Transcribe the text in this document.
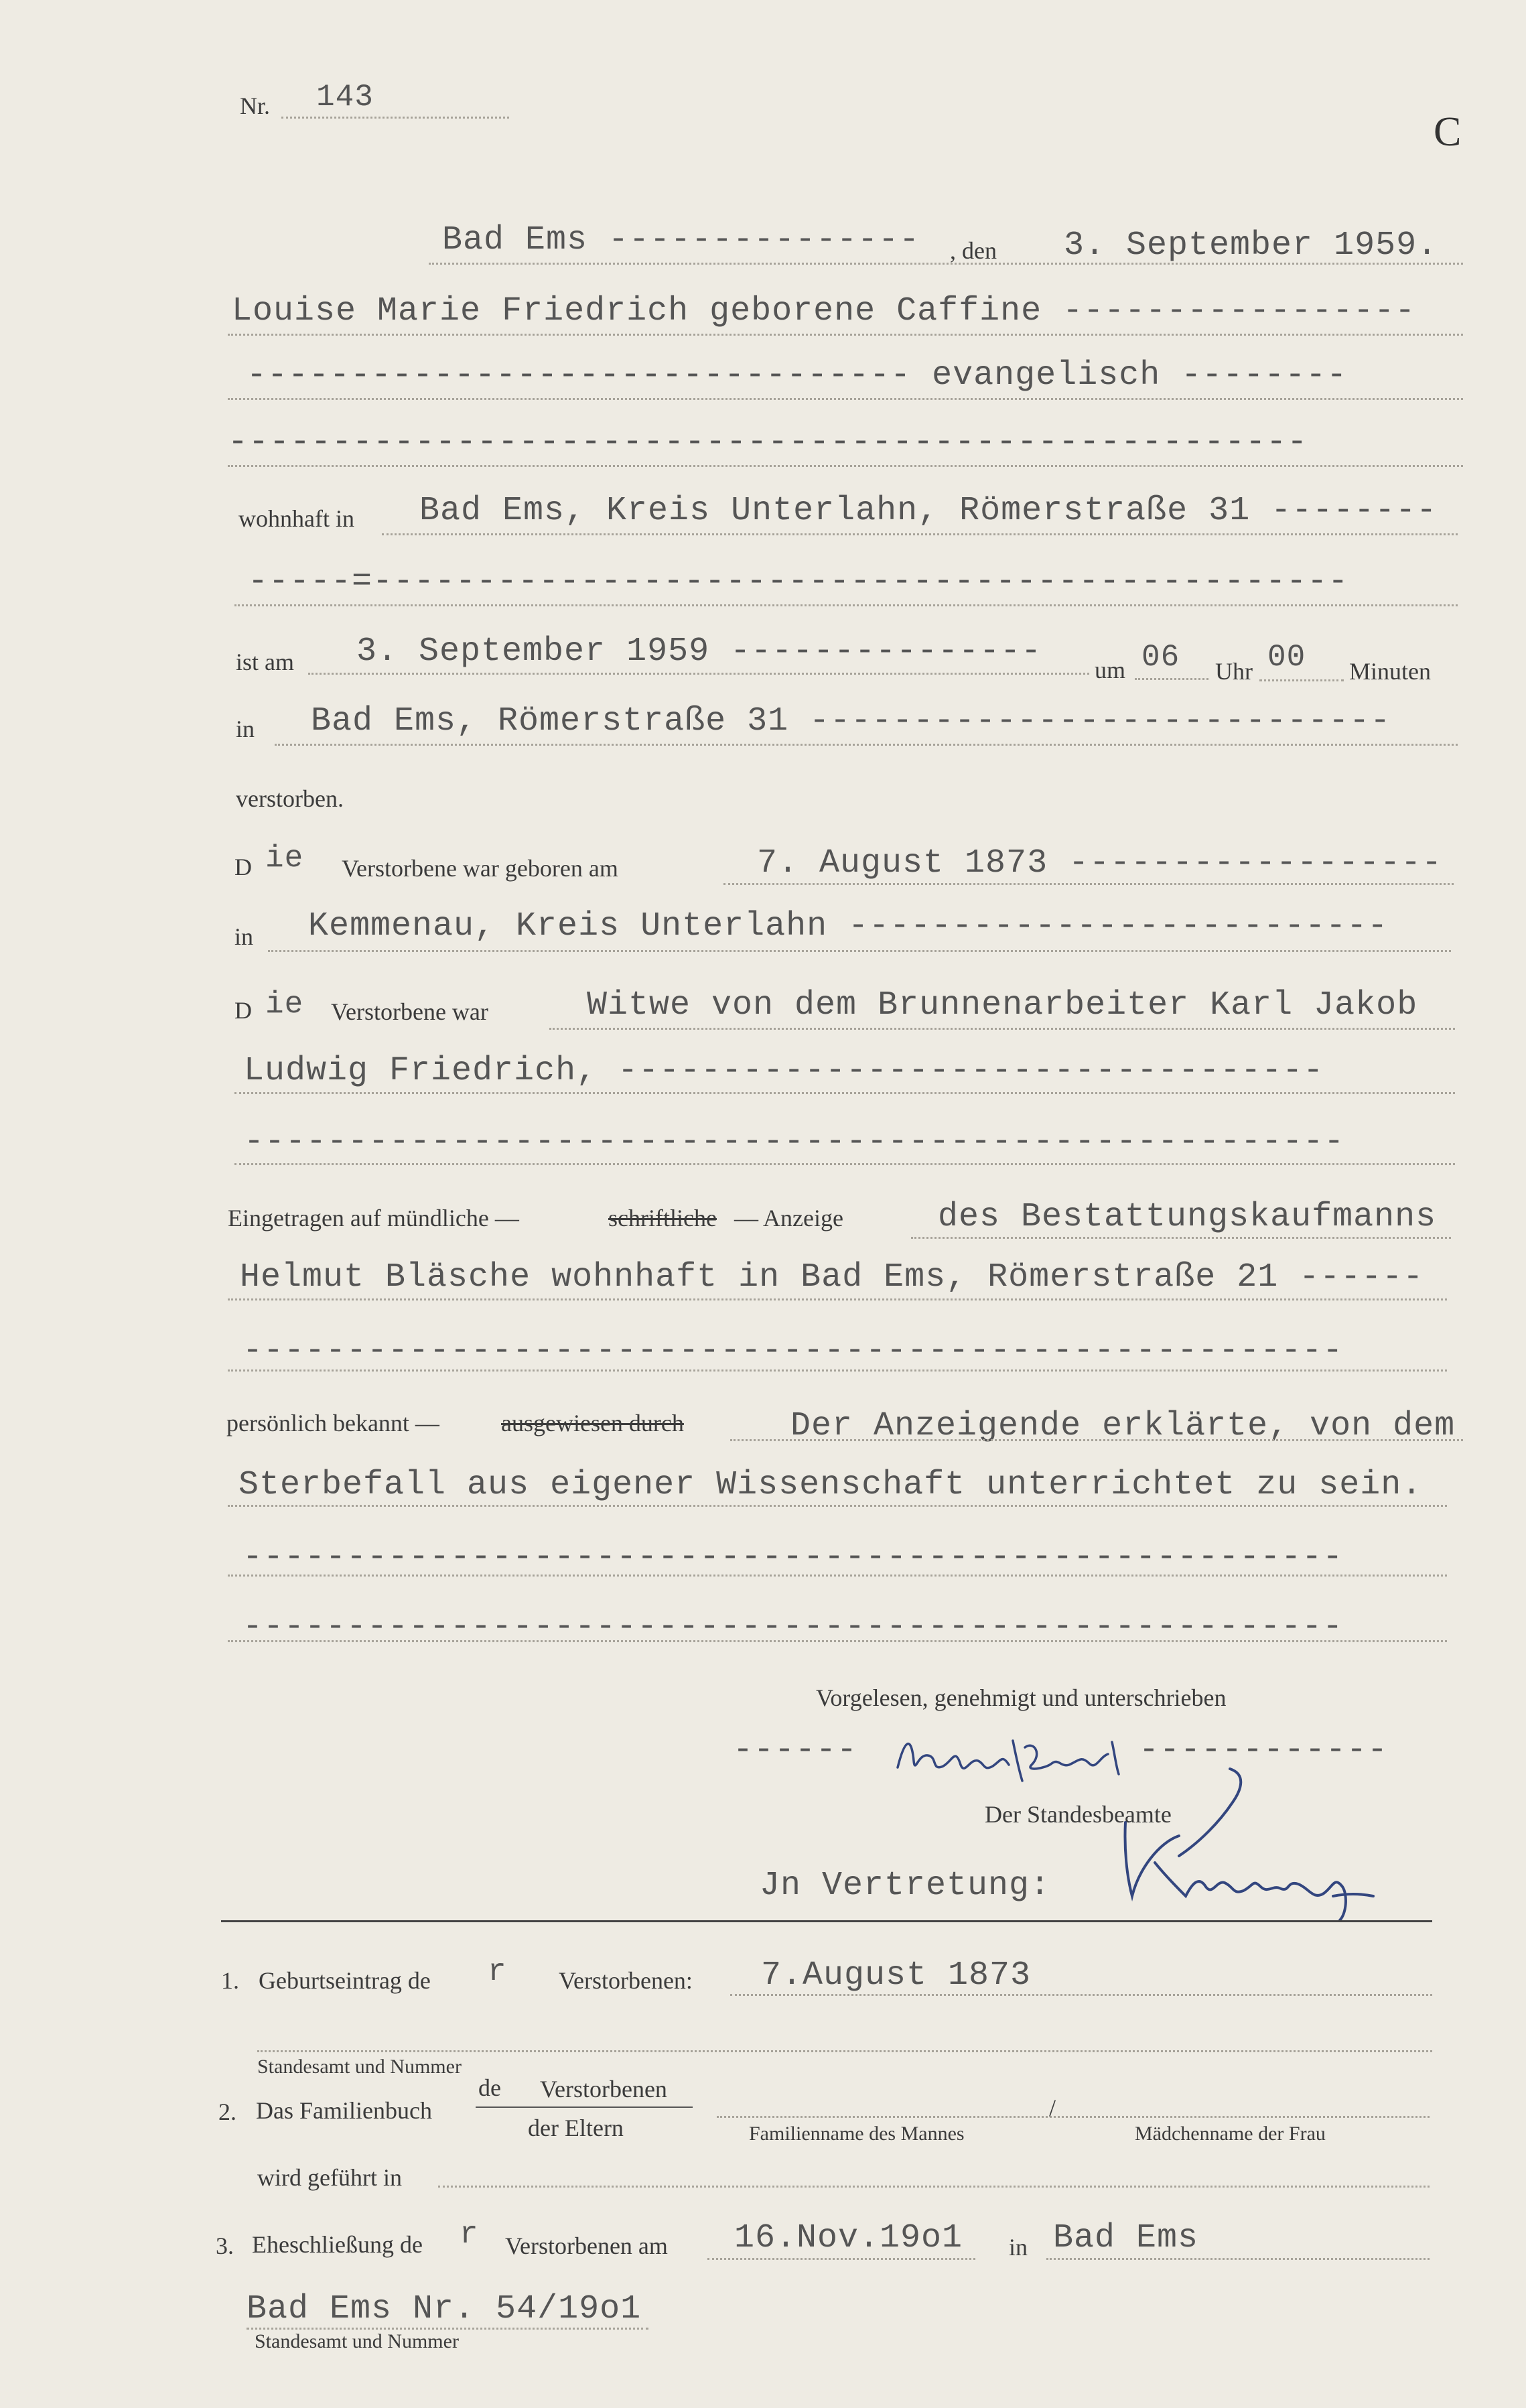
Nr. 143
C
Bad Ems --------------- , den 3. September 1959.
Louise Marie Friedrich geborene Caffine -----------------
-------------------------------- evangelisch --------
----------------------------------------------------
wohnhaft in Bad Ems, Kreis Unterlahn, Römerstraße 31 --------
-----=-----------------------------------------------
ist am 3. September 1959 --------------- um 06 Uhr 00 Minuten
in Bad Ems, Römerstraße 31 ----------------------------
verstorben.
D ie Verstorbene war geboren am	7. August 1873 ------------------
in Kemmenau, Kreis Unterlahn --------------------------
D ie Verstorbene war	Witwe von dem Brunnenarbeiter Karl Jakob
Ludwig Friedrich, ----------------------------------
-----------------------------------------------------
Eingetragen auf mündliche —	schriftliche — Anzeige	des Bestattungskaufmanns
Helmut Bläsche wohnhaft in Bad Ems, Römerstraße 21 ------
-----------------------------------------------------
persönlich bekannt —	ausgewiesen durch	Der Anzeigende erklärte, von dem
Sterbefall aus eigener Wissenschaft unterrichtet zu sein.
-----------------------------------------------------
-----------------------------------------------------
Vorgelesen, genehmigt und unterschrieben
------	------------
Der Standesbeamte
Jn Vertretung:
1. Geburtseintrag de r Verstorbenen: 7.August 1873
Standesamt und Nummer
2. Das Familienbuch
de Verstorbenen
der Eltern
/
Familienname des Mannes	Mädchenname der Frau
wird geführt in
3. Eheschließung de r Verstorbenen am 16.Nov.19o1 in Bad Ems
Bad Ems Nr. 54/19o1
Standesamt und Nummer
